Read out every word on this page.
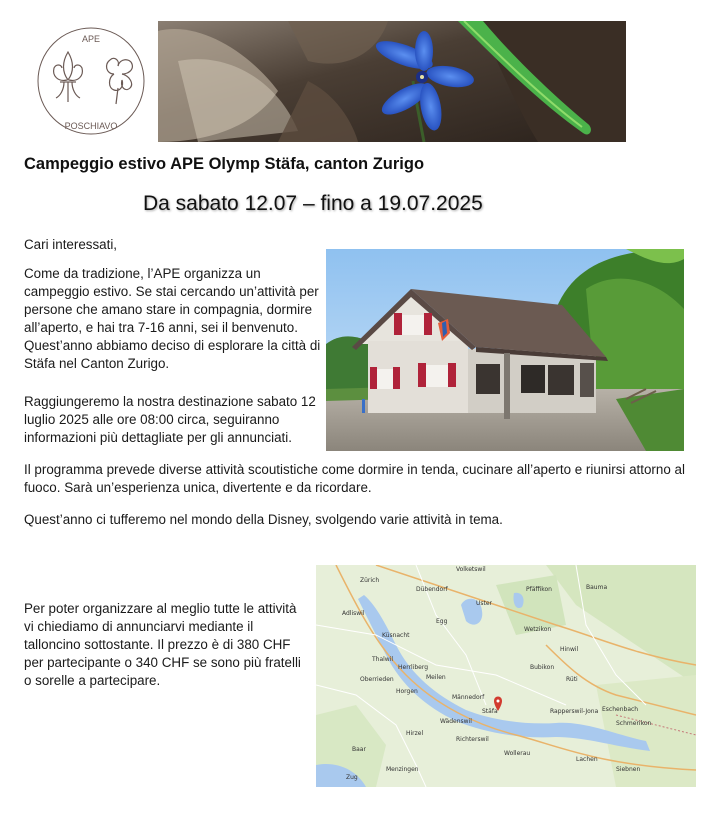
APE
POSCHIAVO
Campeggio estivo APE Olymp Stäfa, canton Zurigo
Da sabato 12.07 – fino a 19.07.2025

Cari interessati,

Come da tradizione, l’APE organizza un campeggio estivo. Se stai cercando un’attività per persone che amano stare in compagnia, dormire all’aperto, e hai tra 7-16 anni, sei il benvenuto. Quest’anno abbiamo deciso di esplorare la città di Stäfa nel Canton Zurigo.

Raggiungeremo la nostra destinazione sabato 12 luglio 2025 alle ore 08:00 circa, seguiranno informazioni più dettagliate per gli annunciati.

Il programma prevede diverse attività scoutistiche come dormire in tenda, cucinare all’aperto e riunirsi attorno al fuoco. Sarà un’esperienza unica, divertente e da ricordare.

Quest’anno ci tufferemo nel mondo della Disney, svolgendo varie attività in tema.

Per poter organizzare al meglio tutte le attività vi chiediamo di annunciarvi mediante il talloncino sottostante. Il prezzo è di 380 CHF per partecipante o 340 CHF se sono più fratelli o sorelle a partecipare.

Zürich
Volketswil
Dübendorf
Uster
Pfäffikon	Bauma
Egg
Adliswil
Küsnacht
Wetzikon
Hinwil
Thalwil
Herrliberg
Oberrieden	Meilen	Rüti
Bubikon
Horgen
Männedorf
Stäfa
Wädenswil
Rapperswil-Jona Eschenbach
Richterswil
Schmerikon
Hirzel
Wollerau
Lachen
Siebnen
Baar
Menzingen
Zug
